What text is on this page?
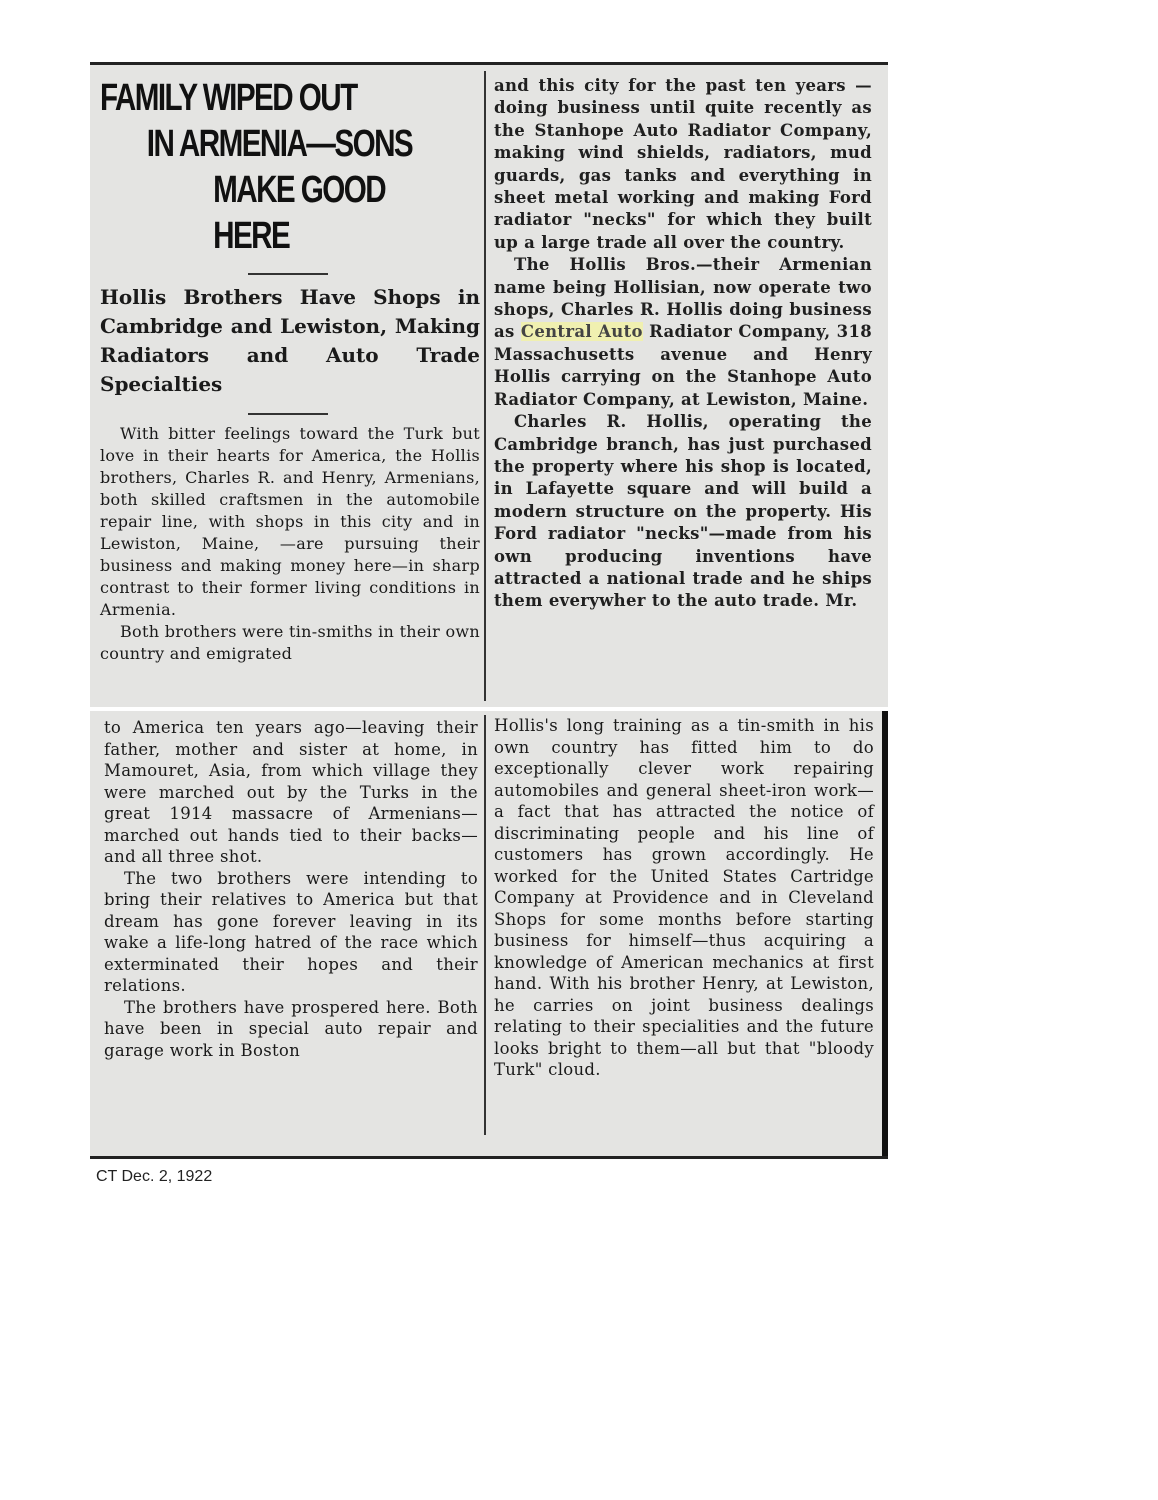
FAMILY WIPED OUT
IN ARMENIA—SONS
MAKE GOOD HERE
Hollis Brothers Have Shops in Cambridge and Lewiston, Making Radiators and Auto Trade Specialties

With bitter feelings toward the Turk but love in their hearts for America, the Hollis brothers, Charles R. and Henry, Armenians, both skilled craftsmen in the automobile repair line, with shops in this city and in Lewiston, Maine, —are pursuing their business and making money here—in sharp contrast to their former living conditions in Armenia.

Both brothers were tin-smiths in their own country and emigrated

and this city for the past ten years —doing business until quite recently as the Stanhope Auto Radiator Company, making wind shields, radiators, mud guards, gas tanks and everything in sheet metal working and making Ford radiator "necks" for which they built up a large trade all over the country.

The Hollis Bros.—their Armenian name being Hollisian, now operate two shops, Charles R. Hollis doing business as Central Auto Radiator Company, 318 Massachusetts avenue and Henry Hollis carrying on the Stanhope Auto Radiator Company, at Lewiston, Maine.

Charles R. Hollis, operating the Cambridge branch, has just purchased the property where his shop is located, in Lafayette square and will build a modern structure on the property. His Ford radiator "necks"—made from his own producing inventions have attracted a national trade and he ships them everywher to the auto trade. Mr.

to America ten years ago—leaving their father, mother and sister at home, in Mamouret, Asia, from which village they were marched out by the Turks in the great 1914 massacre of Armenians—marched out hands tied to their backs—and all three shot.

The two brothers were intending to bring their relatives to America but that dream has gone forever leaving in its wake a life-long hatred of the race which exterminated their hopes and their relations.

The brothers have prospered here. Both have been in special auto repair and garage work in Boston

Hollis's long training as a tin-smith in his own country has fitted him to do exceptionally clever work repairing automobiles and general sheet-iron work—a fact that has attracted the notice of discriminating people and his line of customers has grown accordingly. He worked for the United States Cartridge Company at Providence and in Cleveland Shops for some months before starting business for himself—thus acquiring a knowledge of American mechanics at first hand. With his brother Henry, at Lewiston, he carries on joint business dealings relating to their specialities and the future looks bright to them—all but that "bloody Turk" cloud.

CT Dec. 2, 1922
